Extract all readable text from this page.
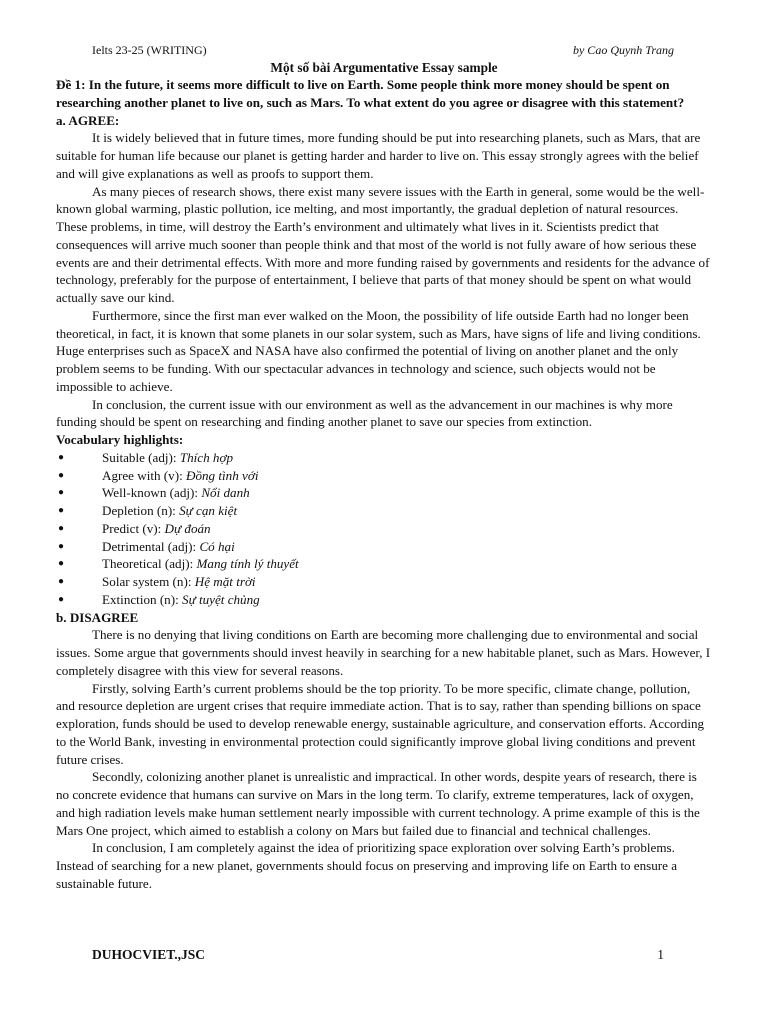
Ielts 23-25 (WRITING)	by Cao Quynh Trang
Một số bài Argumentative Essay sample

Đề 1: In the future, it seems more difficult to live on Earth. Some people think more money should be spent on researching another planet to live on, such as Mars. To what extent do you agree or disagree with this statement?

a. AGREE:

It is widely believed that in future times, more funding should be put into researching planets, such as Mars, that are suitable for human life because our planet is getting harder and harder to live on. This essay strongly agrees with the belief and will give explanations as well as proofs to support them.

As many pieces of research shows, there exist many severe issues with the Earth in general, some would be the well-known global warming, plastic pollution, ice melting, and most importantly, the gradual depletion of natural resources. These problems, in time, will destroy the Earth’s environment and ultimately what lives in it. Scientists predict that consequences will arrive much sooner than people think and that most of the world is not fully aware of how serious these events are and their detrimental effects. With more and more funding raised by governments and residents for the advance of technology, preferably for the purpose of entertainment, I believe that parts of that money should be spent on what would actually save our kind.

Furthermore, since the first man ever walked on the Moon, the possibility of life outside Earth had no longer been theoretical, in fact, it is known that some planets in our solar system, such as Mars, have signs of life and living conditions. Huge enterprises such as SpaceX and NASA have also confirmed the potential of living on another planet and the only problem seems to be funding. With our spectacular advances in technology and science, such objects would not be impossible to achieve.

In conclusion, the current issue with our environment as well as the advancement in our machines is why more funding should be spent on researching and finding another planet to save our species from extinction.

Vocabulary highlights:

●	Suitable (adj): Thích hợp
●	Agree with (v): Đồng tình với
●	Well-known (adj): Nổi danh
●	Depletion (n): Sự cạn kiệt
●	Predict (v): Dự đoán
●	Detrimental (adj): Có hại
●	Theoretical (adj): Mang tính lý thuyết
●	Solar system (n): Hệ mặt trời
●	Extinction (n): Sự tuyệt chủng

b. DISAGREE

There is no denying that living conditions on Earth are becoming more challenging due to environmental and social issues. Some argue that governments should invest heavily in searching for a new habitable planet, such as Mars. However, I completely disagree with this view for several reasons.

Firstly, solving Earth’s current problems should be the top priority. To be more specific, climate change, pollution, and resource depletion are urgent crises that require immediate action. That is to say, rather than spending billions on space exploration, funds should be used to develop renewable energy, sustainable agriculture, and conservation efforts. According to the World Bank, investing in environmental protection could significantly improve global living conditions and prevent future crises.

Secondly, colonizing another planet is unrealistic and impractical. In other words, despite years of research, there is no concrete evidence that humans can survive on Mars in the long term. To clarify, extreme temperatures, lack of oxygen, and high radiation levels make human settlement nearly impossible with current technology. A prime example of this is the Mars One project, which aimed to establish a colony on Mars but failed due to financial and technical challenges.

In conclusion, I am completely against the idea of prioritizing space exploration over solving Earth’s problems. Instead of searching for a new planet, governments should focus on preserving and improving life on Earth to ensure a sustainable future.

DUHOCVIET.,JSC	1
